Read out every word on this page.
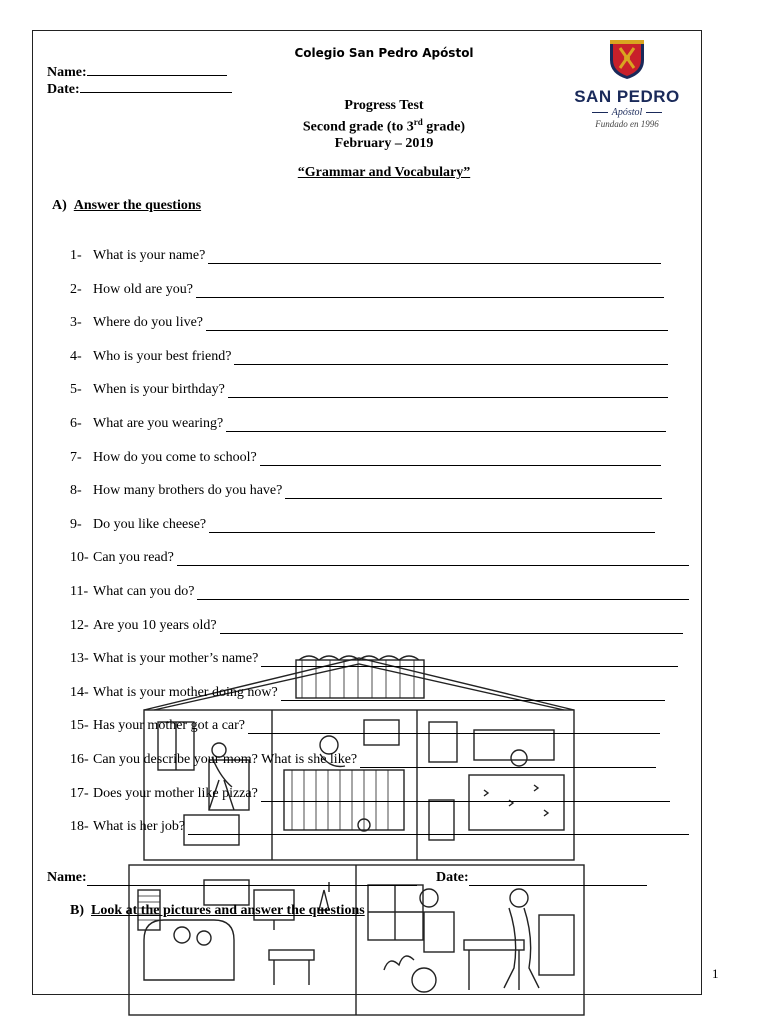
Colegio San Pedro Apóstol
Name:
Date:	SAN PEDRO
Apóstol
Fundado en 1996
Progress Test
Second grade (to 3rd grade)
February – 2019
“Grammar and Vocabulary”
A) Answer the questions
1- What is your name?
2- How old are you?
3- Where do you live?
4- Who is your best friend?
5- When is your birthday?
6- What are you wearing?
7- How do you come to school?
8- How many brothers do you have?
9- Do you like cheese?
10- Can you read?
11- What can you do?
12- Are you 10 years old?
13- What is your mother’s name?
14- What is your mother doing now?
15- Has your mother got a car?
16- Can you describe your mom? What is she like?
17- Does your mother like pizza?
18- What is her job?
Name:	Date:
B) Look at the pictures and answer the questions
1
